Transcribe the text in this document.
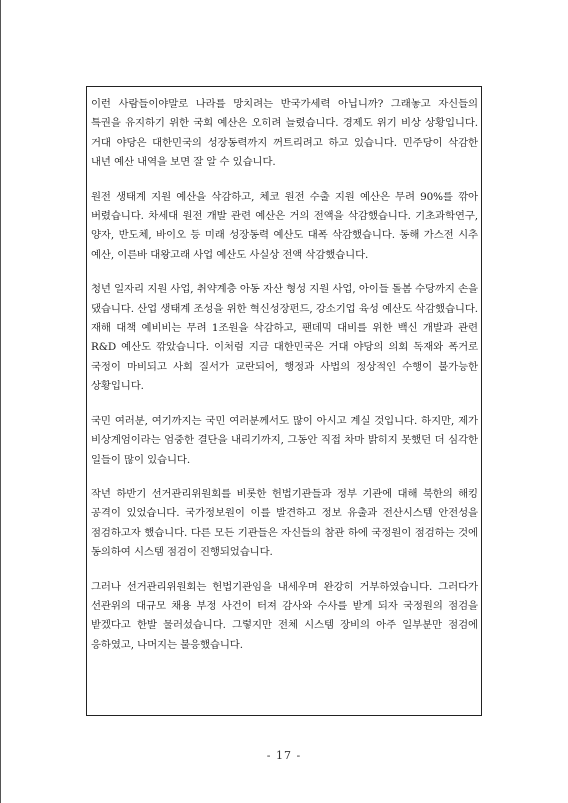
이런 사람들이야말로 나라를 망치려는 반국가세력 아닙니까? 그래놓고 자신들의 특권을 유지하기 위한 국회 예산은 오히려 늘렸습니다. 경제도 위기 비상 상황입니다. 거대 야당은 대한민국의 성장동력까지 꺼트리려고 하고 있습니다. 민주당이 삭감한 내년 예산 내역을 보면 잘 알 수 있습니다.

원전 생태계 지원 예산을 삭감하고, 체코 원전 수출 지원 예산은 무려 90%를 깎아 버렸습니다. 차세대 원전 개발 관련 예산은 거의 전액을 삭감했습니다. 기초과학연구, 양자, 반도체, 바이오 등 미래 성장동력 예산도 대폭 삭감했습니다. 동해 가스전 시추 예산, 이른바 대왕고래 사업 예산도 사실상 전액 삭감했습니다.

청년 일자리 지원 사업, 취약계층 아동 자산 형성 지원 사업, 아이들 돌봄 수당까지 손을 댔습니다. 산업 생태계 조성을 위한 혁신성장펀드, 강소기업 육성 예산도 삭감했습니다. 재해 대책 예비비는 무려 1조원을 삭감하고, 팬데믹 대비를 위한 백신 개발과 관련 R&D 예산도 깎았습니다. 이처럼 지금 대한민국은 거대 야당의 의회 독재와 폭거로 국정이 마비되고 사회 질서가 교란되어, 행정과 사법의 정상적인 수행이 불가능한 상황입니다.

국민 여러분, 여기까지는 국민 여러분께서도 많이 아시고 계실 것입니다. 하지만, 제가 비상계엄이라는 엄중한 결단을 내리기까지, 그동안 직접 차마 밝히지 못했던 더 심각한 일들이 많이 있습니다.

작년 하반기 선거관리위원회를 비롯한 헌법기관들과 정부 기관에 대해 북한의 해킹 공격이 있었습니다. 국가정보원이 이를 발견하고 정보 유출과 전산시스템 안전성을 점검하고자 했습니다. 다른 모든 기관들은 자신들의 참관 하에 국정원이 점검하는 것에 동의하여 시스템 점검이 진행되었습니다.

그러나 선거관리위원회는 헌법기관임을 내세우며 완강히 거부하였습니다. 그러다가 선관위의 대규모 채용 부정 사건이 터져 감사와 수사를 받게 되자 국정원의 점검을 받겠다고 한발 물러섰습니다. 그렇지만 전체 시스템 장비의 아주 일부분만 점검에 응하였고, 나머지는 불응했습니다.

- 17 -
